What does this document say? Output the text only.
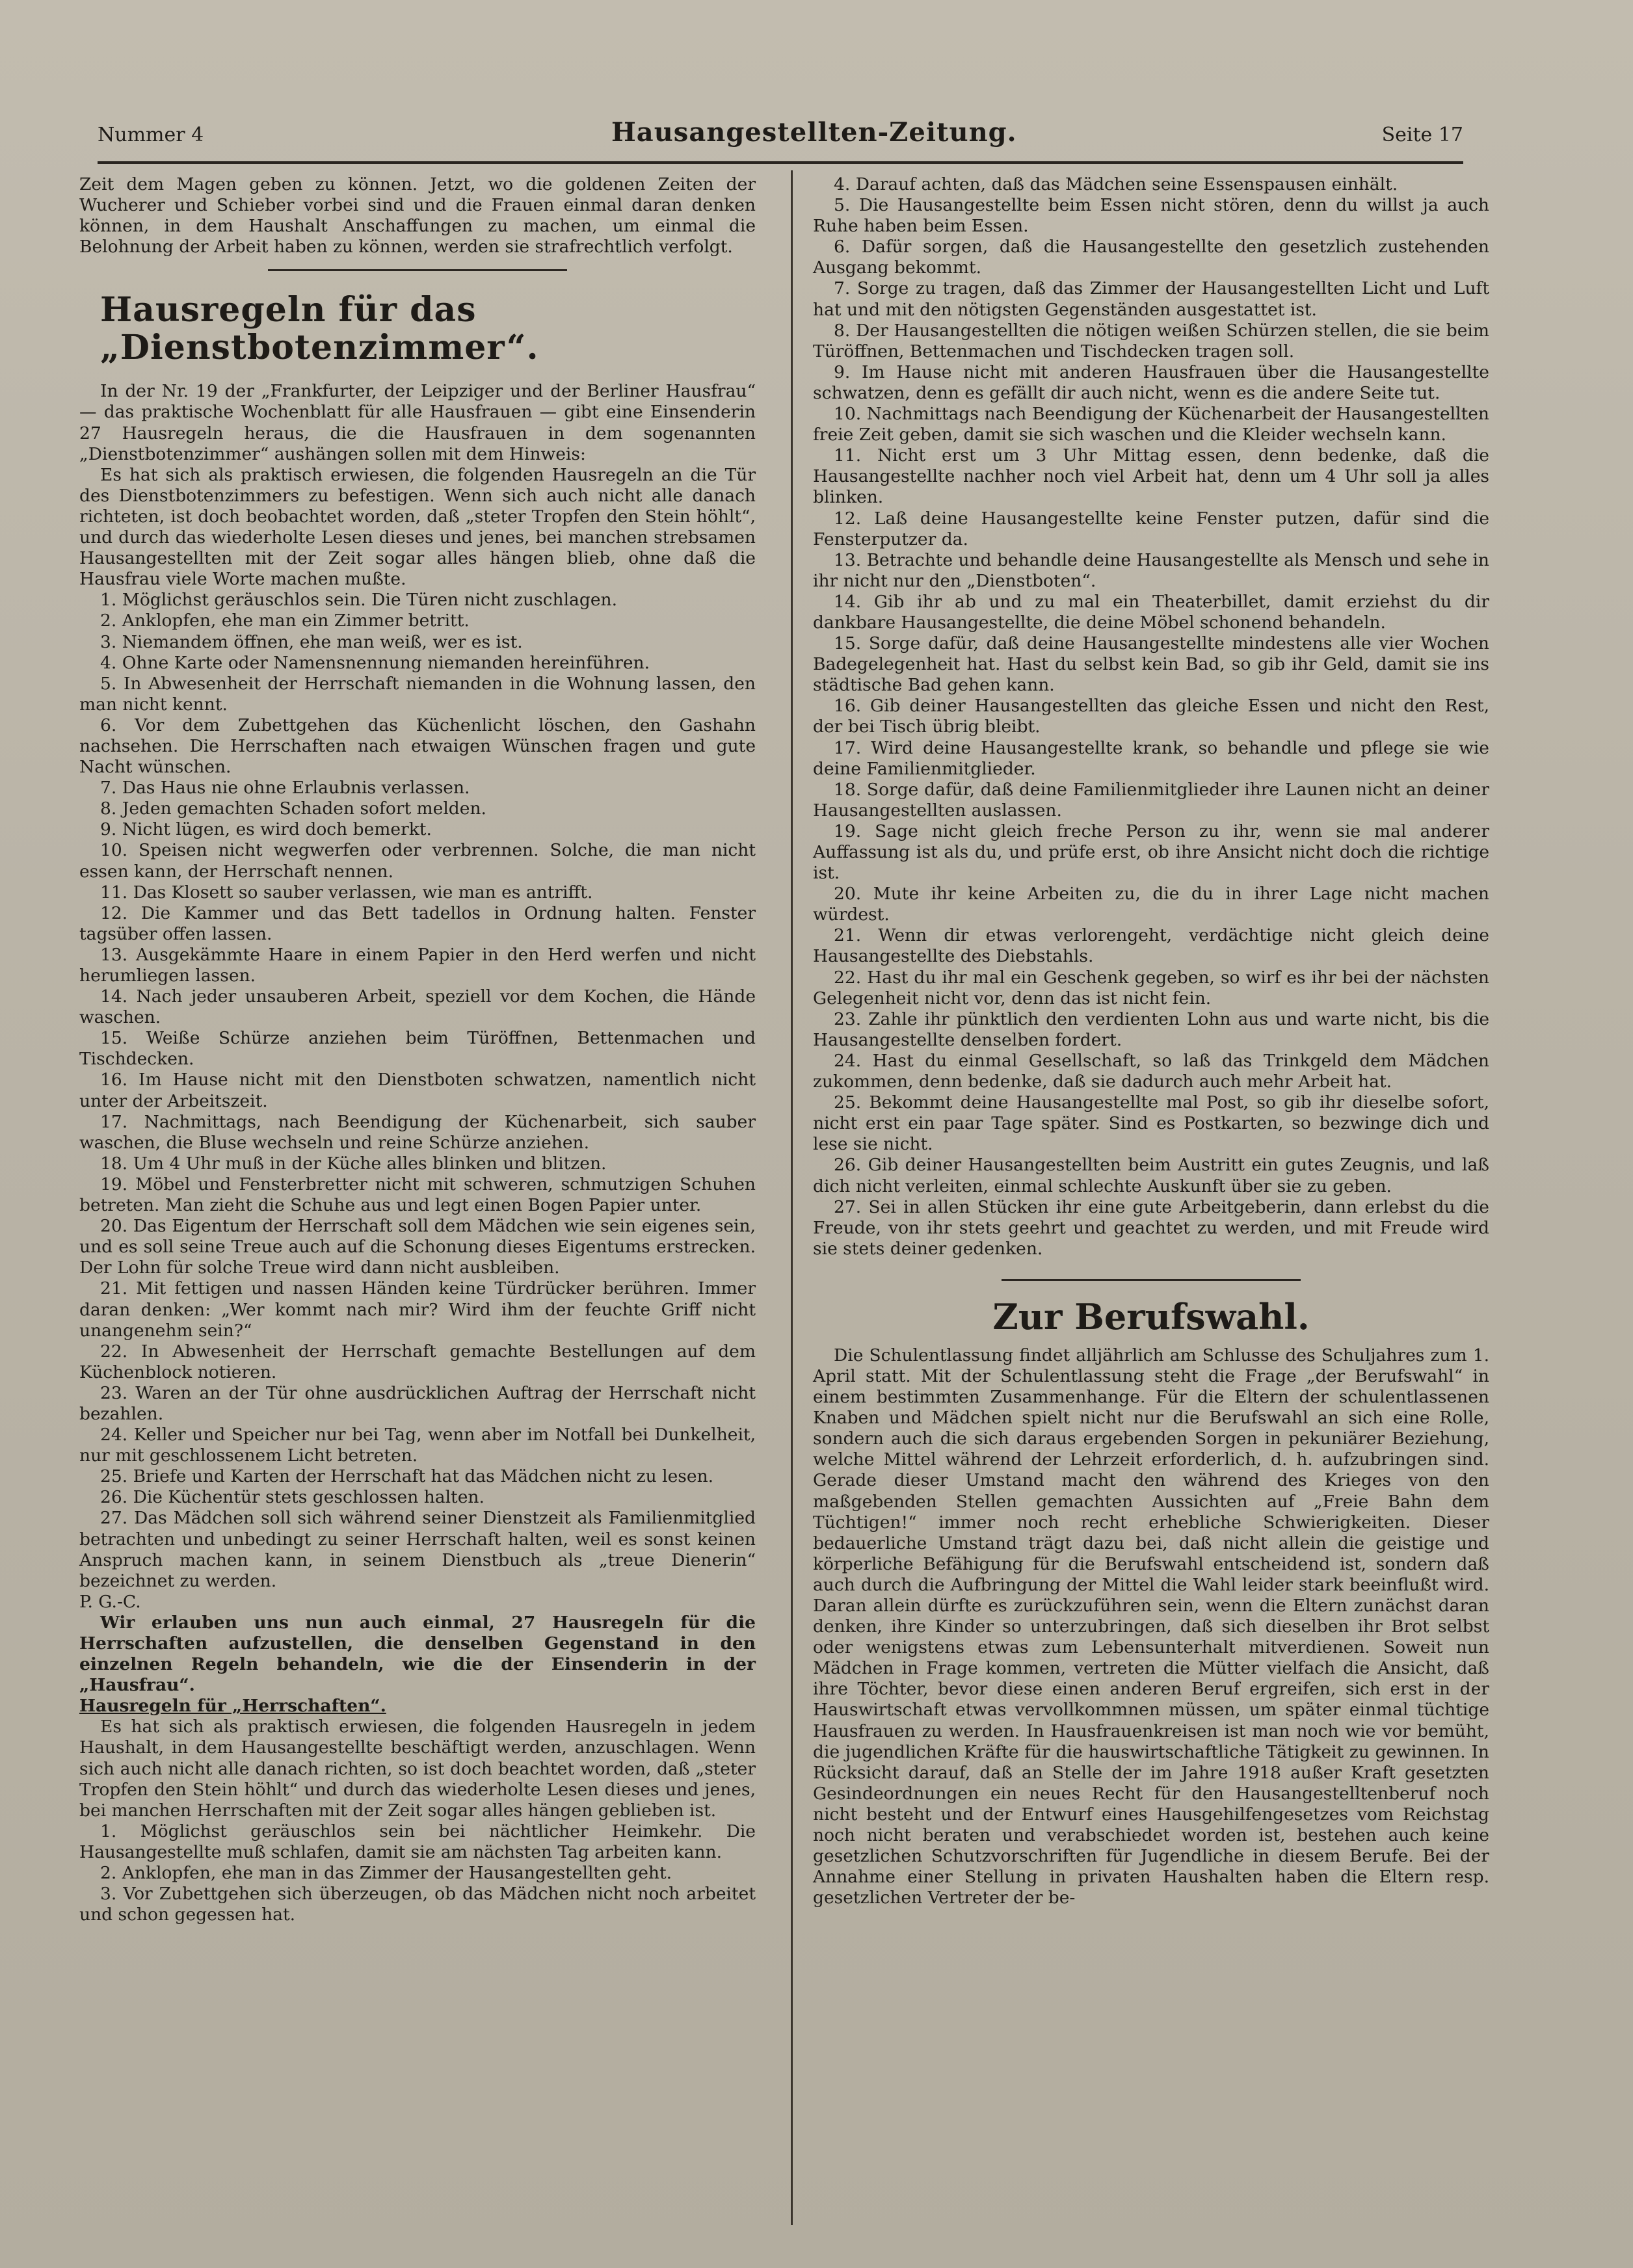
Nummer 4	Hausangestellten-Zeitung.	Seite 17

Zeit dem Magen geben zu können. Jetzt, wo die goldenen Zeiten der Wucherer und Schieber vorbei sind und die Frauen einmal daran denken können, in dem Haushalt Anschaffungen zu machen, um einmal die Belohnung der Arbeit haben zu können, werden sie strafrechtlich verfolgt.

Hausregeln für das „Dienstbotenzimmer“.

In der Nr. 19 der „Frankfurter, der Leipziger und der Berliner Hausfrau“ — das praktische Wochenblatt für alle Hausfrauen — gibt eine Einsenderin 27 Hausregeln heraus, die die Hausfrauen in dem sogenannten „Dienstbotenzimmer“ aushängen sollen mit dem Hinweis:

Es hat sich als praktisch erwiesen, die folgenden Hausregeln an die Tür des Dienstbotenzimmers zu befestigen. Wenn sich auch nicht alle danach richteten, ist doch beobachtet worden, daß „steter Tropfen den Stein höhlt“, und durch das wiederholte Lesen dieses und jenes, bei manchen strebsamen Hausangestellten mit der Zeit sogar alles hängen blieb, ohne daß die Hausfrau viele Worte machen mußte.

1. Möglichst geräuschlos sein. Die Türen nicht zuschlagen.

2. Anklopfen, ehe man ein Zimmer betritt.

3. Niemandem öffnen, ehe man weiß, wer es ist.

4. Ohne Karte oder Namensnennung niemanden hereinführen.

5. In Abwesenheit der Herrschaft niemanden in die Wohnung lassen, den man nicht kennt.

6. Vor dem Zubettgehen das Küchenlicht löschen, den Gashahn nachsehen. Die Herrschaften nach etwaigen Wünschen fragen und gute Nacht wünschen.

7. Das Haus nie ohne Erlaubnis verlassen.

8. Jeden gemachten Schaden sofort melden.

9. Nicht lügen, es wird doch bemerkt.

10. Speisen nicht wegwerfen oder verbrennen. Solche, die man nicht essen kann, der Herrschaft nennen.

11. Das Klosett so sauber verlassen, wie man es antrifft.

12. Die Kammer und das Bett tadellos in Ordnung halten. Fenster tagsüber offen lassen.

13. Ausgekämmte Haare in einem Papier in den Herd werfen und nicht herumliegen lassen.

14. Nach jeder unsauberen Arbeit, speziell vor dem Kochen, die Hände waschen.

15. Weiße Schürze anziehen beim Türöffnen, Bettenmachen und Tischdecken.

16. Im Hause nicht mit den Dienstboten schwatzen, namentlich nicht unter der Arbeitszeit.

17. Nachmittags, nach Beendigung der Küchenarbeit, sich sauber waschen, die Bluse wechseln und reine Schürze anziehen.

18. Um 4 Uhr muß in der Küche alles blinken und blitzen.

19. Möbel und Fensterbretter nicht mit schweren, schmutzigen Schuhen betreten. Man zieht die Schuhe aus und legt einen Bogen Papier unter.

20. Das Eigentum der Herrschaft soll dem Mädchen wie sein eigenes sein, und es soll seine Treue auch auf die Schonung dieses Eigentums erstrecken. Der Lohn für solche Treue wird dann nicht ausbleiben.

21. Mit fettigen und nassen Händen keine Türdrücker berühren. Immer daran denken: „Wer kommt nach mir? Wird ihm der feuchte Griff nicht unangenehm sein?“

22. In Abwesenheit der Herrschaft gemachte Bestellungen auf dem Küchenblock notieren.

23. Waren an der Tür ohne ausdrücklichen Auftrag der Herrschaft nicht bezahlen.

24. Keller und Speicher nur bei Tag, wenn aber im Notfall bei Dunkelheit, nur mit geschlossenem Licht betreten.

25. Briefe und Karten der Herrschaft hat das Mädchen nicht zu lesen.

26. Die Küchentür stets geschlossen halten.

27. Das Mädchen soll sich während seiner Dienstzeit als Familienmitglied betrachten und unbedingt zu seiner Herrschaft halten, weil es sonst keinen Anspruch machen kann, in seinem Dienstbuch als „treue Dienerin“ bezeichnet zu werden.

P. G.-C.

Wir erlauben uns nun auch einmal, 27 Hausregeln für die Herrschaften aufzustellen, die denselben Gegenstand in den einzelnen Regeln behandeln, wie die der Einsenderin in der „Hausfrau“.

Hausregeln für „Herrschaften“.

Es hat sich als praktisch erwiesen, die folgenden Hausregeln in jedem Haushalt, in dem Hausangestellte beschäftigt werden, anzuschlagen. Wenn sich auch nicht alle danach richten, so ist doch beachtet worden, daß „steter Tropfen den Stein höhlt“ und durch das wiederholte Lesen dieses und jenes, bei manchen Herrschaften mit der Zeit sogar alles hängen geblieben ist.

1. Möglichst geräuschlos sein bei nächtlicher Heimkehr. Die Hausangestellte muß schlafen, damit sie am nächsten Tag arbeiten kann.

2. Anklopfen, ehe man in das Zimmer der Hausangestellten geht.

3. Vor Zubettgehen sich überzeugen, ob das Mädchen nicht noch arbeitet und schon gegessen hat.

4. Darauf achten, daß das Mädchen seine Essenspausen einhält.

5. Die Hausangestellte beim Essen nicht stören, denn du willst ja auch Ruhe haben beim Essen.

6. Dafür sorgen, daß die Hausangestellte den gesetzlich zustehenden Ausgang bekommt.

7. Sorge zu tragen, daß das Zimmer der Hausangestellten Licht und Luft hat und mit den nötigsten Gegenständen ausgestattet ist.

8. Der Hausangestellten die nötigen weißen Schürzen stellen, die sie beim Türöffnen, Bettenmachen und Tischdecken tragen soll.

9. Im Hause nicht mit anderen Hausfrauen über die Hausangestellte schwatzen, denn es gefällt dir auch nicht, wenn es die andere Seite tut.

10. Nachmittags nach Beendigung der Küchenarbeit der Hausangestellten freie Zeit geben, damit sie sich waschen und die Kleider wechseln kann.

11. Nicht erst um 3 Uhr Mittag essen, denn bedenke, daß die Hausangestellte nachher noch viel Arbeit hat, denn um 4 Uhr soll ja alles blinken.

12. Laß deine Hausangestellte keine Fenster putzen, dafür sind die Fensterputzer da.

13. Betrachte und behandle deine Hausangestellte als Mensch und sehe in ihr nicht nur den „Dienstboten“.

14. Gib ihr ab und zu mal ein Theaterbillet, damit erziehst du dir dankbare Hausangestellte, die deine Möbel schonend behandeln.

15. Sorge dafür, daß deine Hausangestellte mindestens alle vier Wochen Badegelegenheit hat. Hast du selbst kein Bad, so gib ihr Geld, damit sie ins städtische Bad gehen kann.

16. Gib deiner Hausangestellten das gleiche Essen und nicht den Rest, der bei Tisch übrig bleibt.

17. Wird deine Hausangestellte krank, so behandle und pflege sie wie deine Familienmitglieder.

18. Sorge dafür, daß deine Familienmitglieder ihre Launen nicht an deiner Hausangestellten auslassen.

19. Sage nicht gleich freche Person zu ihr, wenn sie mal anderer Auffassung ist als du, und prüfe erst, ob ihre Ansicht nicht doch die richtige ist.

20. Mute ihr keine Arbeiten zu, die du in ihrer Lage nicht machen würdest.

21. Wenn dir etwas verlorengeht, verdächtige nicht gleich deine Hausangestellte des Diebstahls.

22. Hast du ihr mal ein Geschenk gegeben, so wirf es ihr bei der nächsten Gelegenheit nicht vor, denn das ist nicht fein.

23. Zahle ihr pünktlich den verdienten Lohn aus und warte nicht, bis die Hausangestellte denselben fordert.

24. Hast du einmal Gesellschaft, so laß das Trinkgeld dem Mädchen zukommen, denn bedenke, daß sie dadurch auch mehr Arbeit hat.

25. Bekommt deine Hausangestellte mal Post, so gib ihr dieselbe sofort, nicht erst ein paar Tage später. Sind es Postkarten, so bezwinge dich und lese sie nicht.

26. Gib deiner Hausangestellten beim Austritt ein gutes Zeugnis, und laß dich nicht verleiten, einmal schlechte Auskunft über sie zu geben.

27. Sei in allen Stücken ihr eine gute Arbeitgeberin, dann erlebst du die Freude, von ihr stets geehrt und geachtet zu werden, und mit Freude wird sie stets deiner gedenken.

Zur Berufswahl.

Die Schulentlassung findet alljährlich am Schlusse des Schuljahres zum 1. April statt. Mit der Schulentlassung steht die Frage „der Berufswahl“ in einem bestimmten Zusammenhange. Für die Eltern der schulentlassenen Knaben und Mädchen spielt nicht nur die Berufswahl an sich eine Rolle, sondern auch die sich daraus ergebenden Sorgen in pekuniärer Beziehung, welche Mittel während der Lehrzeit erforderlich, d. h. aufzubringen sind. Gerade dieser Umstand macht den während des Krieges von den maßgebenden Stellen gemachten Aussichten auf „Freie Bahn dem Tüchtigen!“ immer noch recht erhebliche Schwierigkeiten. Dieser bedauerliche Umstand trägt dazu bei, daß nicht allein die geistige und körperliche Befähigung für die Berufswahl entscheidend ist, sondern daß auch durch die Aufbringung der Mittel die Wahl leider stark beeinflußt wird. Daran allein dürfte es zurückzuführen sein, wenn die Eltern zunächst daran denken, ihre Kinder so unterzubringen, daß sich dieselben ihr Brot selbst oder wenigstens etwas zum Lebensunterhalt mitverdienen. Soweit nun Mädchen in Frage kommen, vertreten die Mütter vielfach die Ansicht, daß ihre Töchter, bevor diese einen anderen Beruf ergreifen, sich erst in der Hauswirtschaft etwas vervollkommnen müssen, um später einmal tüchtige Hausfrauen zu werden. In Hausfrauenkreisen ist man noch wie vor bemüht, die jugendlichen Kräfte für die hauswirtschaftliche Tätigkeit zu gewinnen. In Rücksicht darauf, daß an Stelle der im Jahre 1918 außer Kraft gesetzten Gesindeordnungen ein neues Recht für den Hausangestelltenberuf noch nicht besteht und der Entwurf eines Hausgehilfengesetzes vom Reichstag noch nicht beraten und verabschiedet worden ist, bestehen auch keine gesetzlichen Schutzvorschriften für Jugendliche in diesem Berufe. Bei der Annahme einer Stellung in privaten Haushalten haben die Eltern resp. gesetzlichen Vertreter der be-
